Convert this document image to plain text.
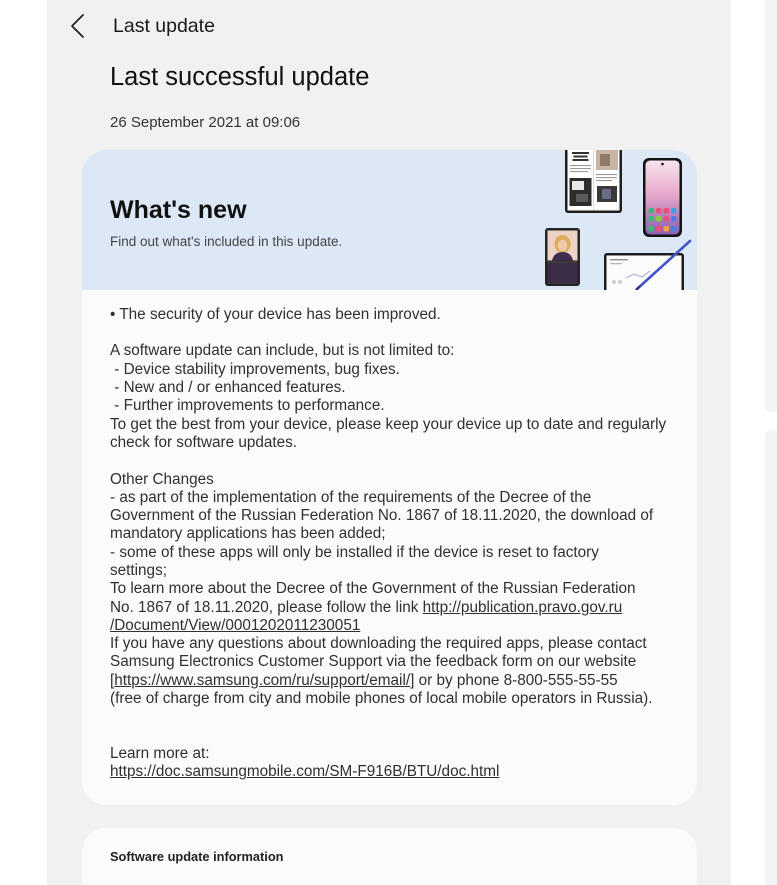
Last update
Last successful update
26 September 2021 at 09:06
What's new
Find out what's included in this update.
• The security of your device has been improved.
A software update can include, but is not limited to:
- Device stability improvements, bug fixes.
- New and / or enhanced features.
- Further improvements to performance.
To get the best from your device, please keep your device up to date and regularly
check for software updates.
Other Changes
- as part of the implementation of the requirements of the Decree of the
Government of the Russian Federation No. 1867 of 18.11.2020, the download of
mandatory applications has been added;
- some of these apps will only be installed if the device is reset to factory
settings;
To learn more about the Decree of the Government of the Russian Federation
No. 1867 of 18.11.2020, please follow the link http://publication.pravo.gov.ru
/Document/View/0001202011230051
If you have any questions about downloading the required apps, please contact
Samsung Electronics Customer Support via the feedback form on our website
[https://www.samsung.com/ru/support/email/] or by phone 8-800-555-55-55
(free of charge from city and mobile phones of local mobile operators in Russia).
Learn more at:
https://doc.samsungmobile.com/SM-F916B/BTU/doc.html
Software update information
